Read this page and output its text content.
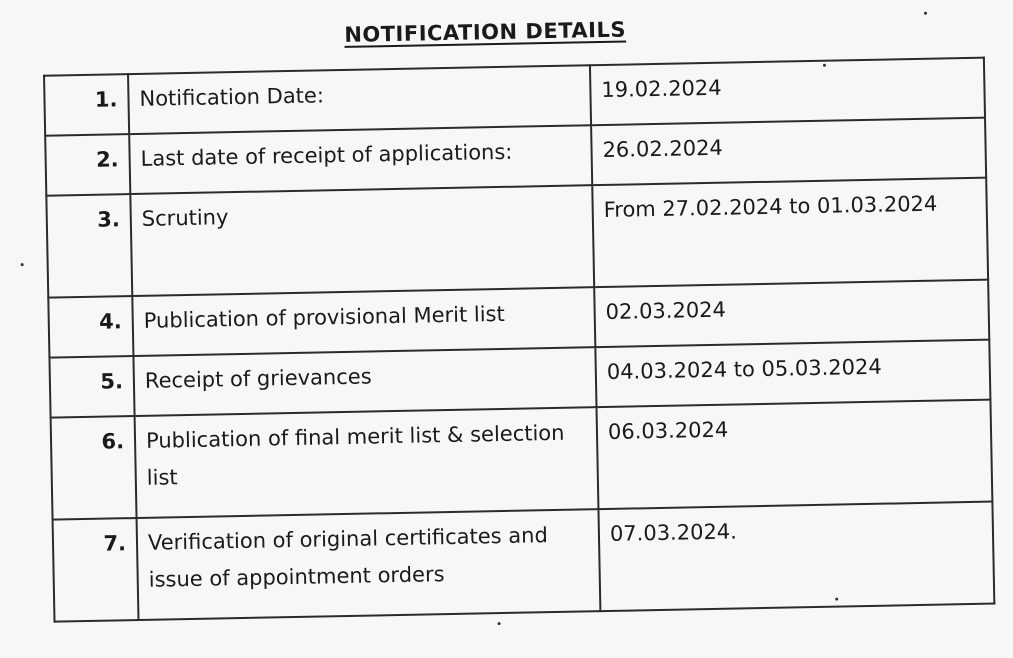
NOTIFICATION DETAILS
1.	Notification Date:	19.02.2024
2.	Last date of receipt of applications:	26.02.2024
3.	Scrutiny	From 27.02.2024 to 01.03.2024
4.	Publication of provisional Merit list	02.03.2024
5.	Receipt of grievances	04.03.2024 to 05.03.2024
6.	Publication of final merit list & selection list	06.03.2024
7.	Verification of original certificates and issue of appointment orders	07.03.2024.
